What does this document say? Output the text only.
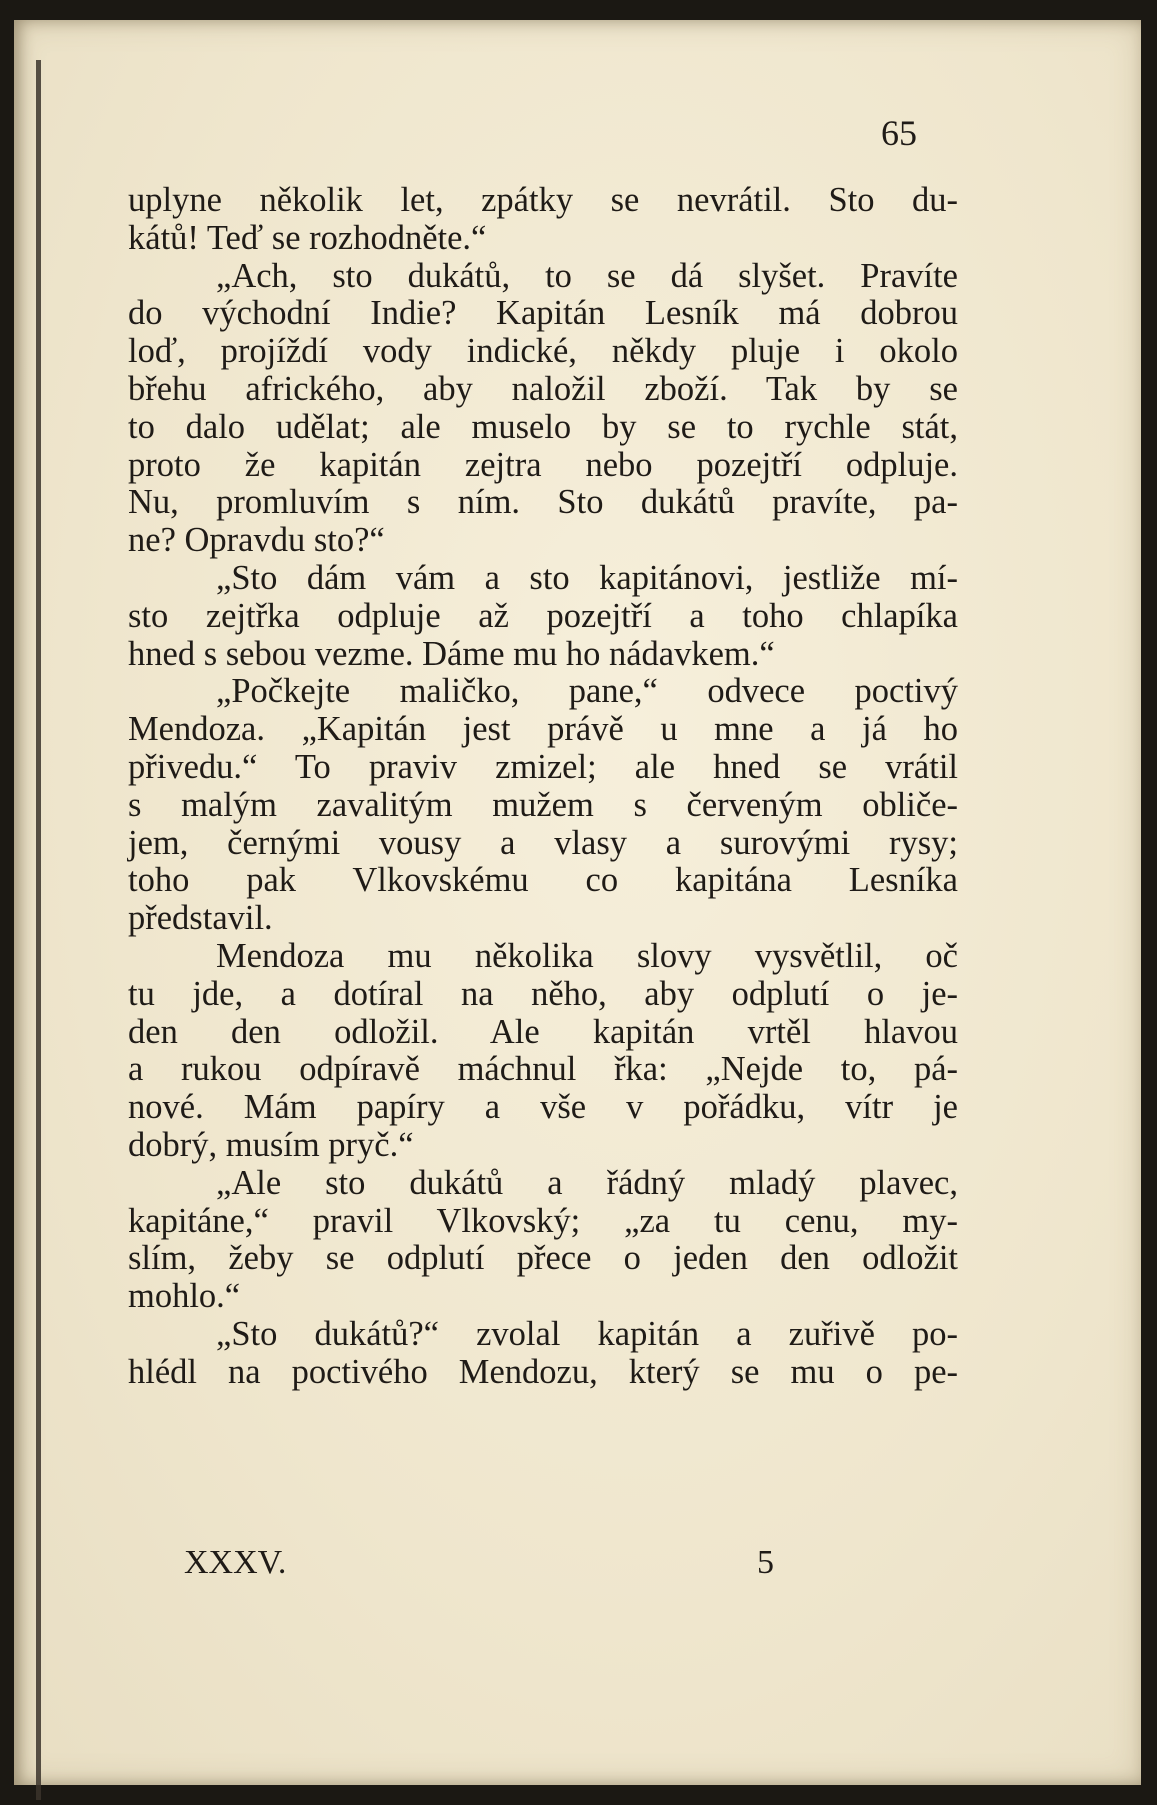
65

uplyne několik let, zpátky se nevrátil. Sto du-
kátů! Teď se rozhodněte.“
„Ach, sto dukátů, to se dá slyšet. Pravíte
do východní Indie? Kapitán Lesník má dobrou
loď, projíždí vody indické, někdy pluje i okolo
břehu afrického, aby naložil zboží. Tak by se
to dalo udělat; ale muselo by se to rychle stát,
proto že kapitán zejtra nebo pozejtří odpluje.
Nu, promluvím s ním. Sto dukátů pravíte, pa-
ne? Opravdu sto?“
„Sto dám vám a sto kapitánovi, jestliže mí-
sto zejtřka odpluje až pozejtří a toho chlapíka
hned s sebou vezme. Dáme mu ho nádavkem.“
„Počkejte maličko, pane,“ odvece poctivý
Mendoza. „Kapitán jest právě u mne a já ho
přivedu.“ To praviv zmizel; ale hned se vrátil
s malým zavalitým mužem s červeným obliče-
jem, černými vousy a vlasy a surovými rysy;
toho pak Vlkovskému co kapitána Lesníka
představil.
Mendoza mu několika slovy vysvětlil, oč
tu jde, a dotíral na něho, aby odplutí o je-
den den odložil. Ale kapitán vrtěl hlavou
a rukou odpíravě máchnul řka: „Nejde to, pá-
nové. Mám papíry a vše v pořádku, vítr je
dobrý, musím pryč.“
„Ale sto dukátů a řádný mladý plavec,
kapitáne,“ pravil Vlkovský; „za tu cenu, my-
slím, žeby se odplutí přece o jeden den odložit
mohlo.“
„Sto dukátů?“ zvolal kapitán a zuřivě po-
hlédl na poctivého Mendozu, který se mu o pe-
XXXV.	5
